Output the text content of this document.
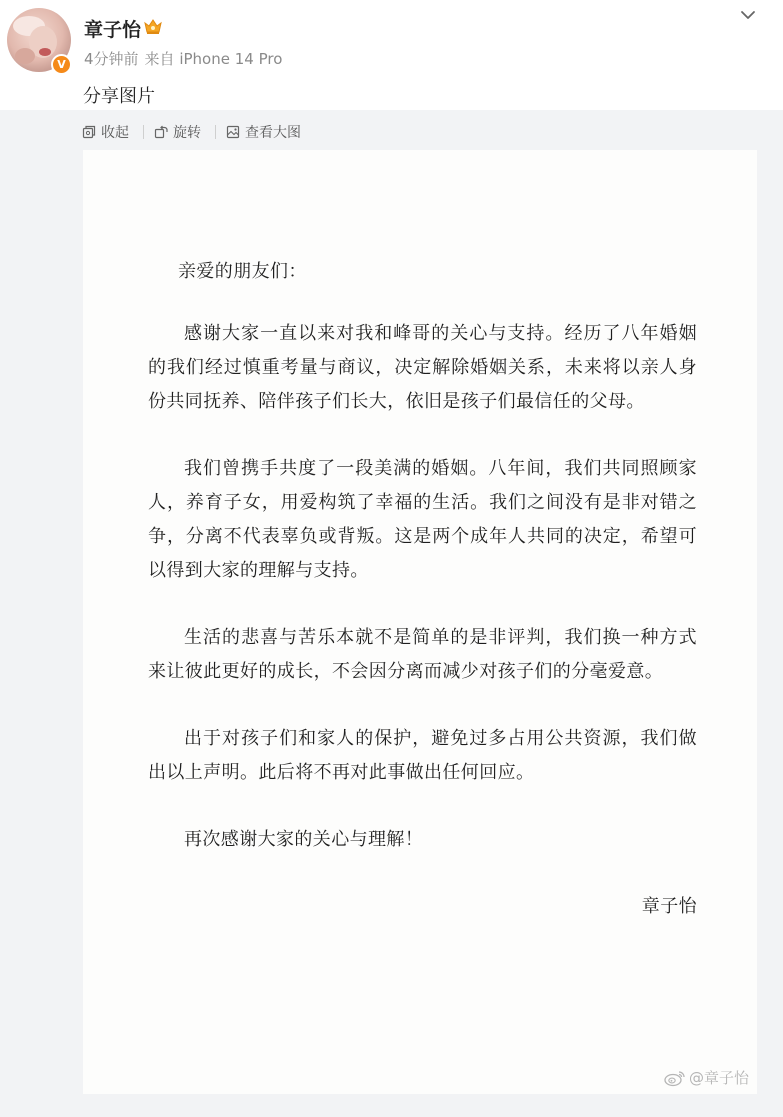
V
章子怡
4分钟前 来自 iPhone 14 Pro
分享图片
收起	旋转	查看大图

亲爱的朋友们：

感谢大家一直以来对我和峰哥的关心与支持。经历了八年婚姻的我们经过慎重考量与商议，决定解除婚姻关系，未来将以亲人身份共同抚养、陪伴孩子们长大，依旧是孩子们最信任的父母。

我们曾携手共度了一段美满的婚姻。八年间，我们共同照顾家人，养育子女，用爱构筑了幸福的生活。我们之间没有是非对错之争，分离不代表辜负或背叛。这是两个成年人共同的决定，希望可以得到大家的理解与支持。

生活的悲喜与苦乐本就不是简单的是非评判，我们换一种方式来让彼此更好的成长，不会因分离而减少对孩子们的分毫爱意。

出于对孩子们和家人的保护，避免过多占用公共资源，我们做出以上声明。此后将不再对此事做出任何回应。

再次感谢大家的关心与理解！

章子怡

@章子怡
